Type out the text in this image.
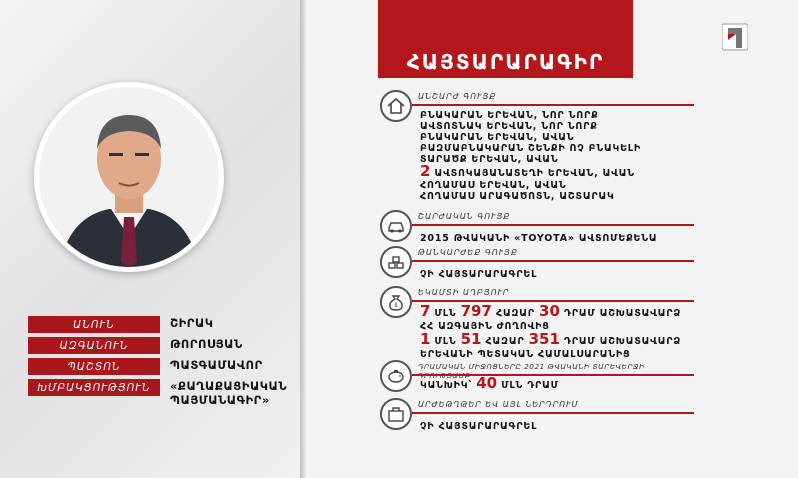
ԱՆՈՒՆ	ՇԻՐԱԿ
ԱԶԳԱՆՈՒՆ	ԹՈՐՈՍՅԱՆ
ՊԱՇՏՈՆ	ՊԱՏԳԱՄԱՎՈՐ
ԽՄԲԱԿՑՈՒԹՅՈՒՆ	«ՔԱՂԱՔԱՑԻԱԿԱՆ ՊԱՅՄԱՆԱԳԻՐ»
ՀԱՅՏԱՐԱՐԱԳԻՐ
ԱՆՇԱՐԺ ԳՈՒՅՔ
ԲՆԱԿԱՐԱՆ ԵՐԵՎԱՆ, ՆՈՐ ՆՈՐՔ
ԱՎՏՈՏՆԱԿ ԵՐԵՎԱՆ, ՆՈՐ ՆՈՐՔ
ԲՆԱԿԱՐԱՆ ԵՐԵՎԱՆ, ԱՎԱՆ
ԲԱԶՄԱԲՆԱԿԱՐԱՆ ՇԵՆՔԻ ՈՉ ԲՆԱԿԵԼԻ
ՏԱՐԱԾՔ ԵՐԵՎԱՆ, ԱՎԱՆ
2 ԱՎՏՈԿԱՅԱՆԱՏԵՂԻ ԵՐԵՎԱՆ, ԱՎԱՆ
ՀՈՂԱՄԱՍ ԵՐԵՎԱՆ, ԱՎԱՆ
ՀՈՂԱՄԱՍ ԱՐԱԳԱԾՈՏՆ, ԱՇՏԱՐԱԿ
ՇԱՐԺԱԿԱՆ ԳՈՒՅՔ
2015 ԹՎԱԿԱՆԻ «TOYOTA» ԱՎՏՈՄԵՔԵՆԱ
ԹԱՆԿԱՐԺԵՔ ԳՈՒՅՔ
ՉԻ ՀԱՅՏԱՐԱՐԱԳՐԵԼ
$
ԵԿԱՄՏԻ ԱՂԲՅՈՒՐ
7 ՄԼՆ 797 ՀԱԶԱՐ 30 ԴՐԱՄ ԱՇԽԱՏԱՎԱՐՁ
ՀՀ ԱԶԳԱՅԻՆ ԺՈՂՈՎԻՑ
1 ՄԼՆ 51 ՀԱԶԱՐ 351 ԴՐԱՄ ԱՇԽԱՏԱՎԱՐՁ
ԵՐԵՎԱՆԻ ՊԵՏԱԿԱՆ ՀԱՄԱԼՍԱՐԱՆԻՑ
ԴՐԱՄԱԿԱՆ ՄԻՋՈՑՆԵՐԸ 2021 ԹՎԱԿԱՆԻ ՏԱՐԵՎԵՐՋԻ
ԿԱՆԽԻԿ՝ 40 ՄԼՆ ԴՐԱՄ
ԱՐԺԵԹՂԹԵՐ ԵՎ ԱՅԼ ՆԵՐԴՐՈՒՄ
ՉԻ ՀԱՅՏԱՐԱՐԱԳՐԵԼ
